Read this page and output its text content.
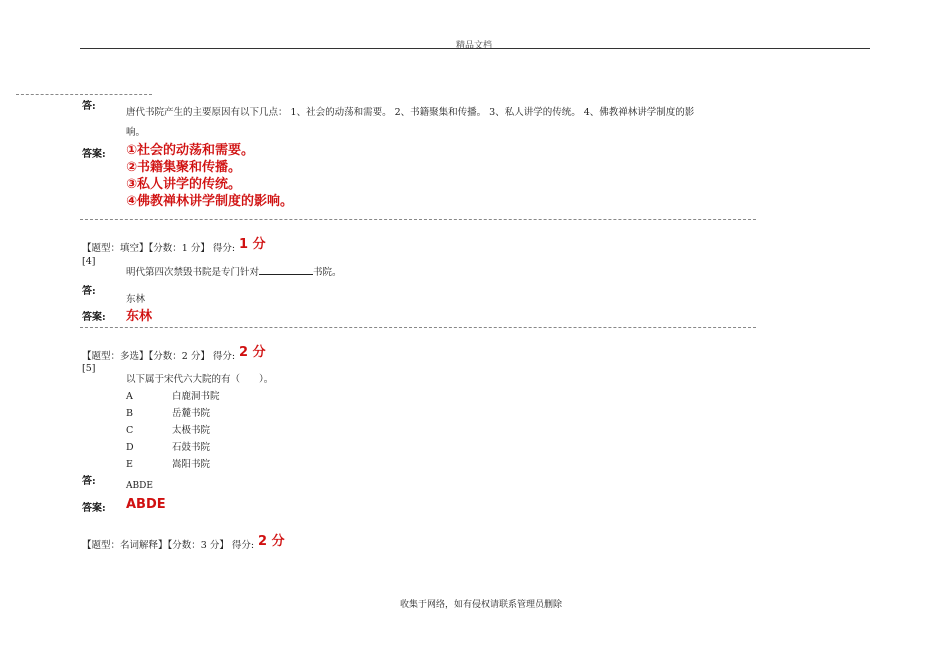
精品文档
答:
唐代书院产生的主要原因有以下几点： 1、社会的动荡和需要。 2、书籍聚集和传播。 3、私人讲学的传统。 4、佛教禅林讲学制度的影
响。
答案: ①社会的动荡和需要。
②书籍集聚和传播。
③私人讲学的传统。
④佛教禅林讲学制度的影响。
【题型：填空】【分数：1 分】 得分: 1 分
[4]
明代第四次禁毁书院是专门针对	书院。
答:
东林
答案: 东林
【题型：多选】【分数：2 分】 得分: 2 分
[5]
以下属于宋代六大院的有（　　）。
A	白鹿洞书院
B	岳麓书院
C	太极书院
D	石鼓书院
E	嵩阳书院
答:	ABDE
答案: ABDE
【题型：名词解释】【分数：3 分】 得分: 2 分
收集于网络，如有侵权请联系管理员删除
